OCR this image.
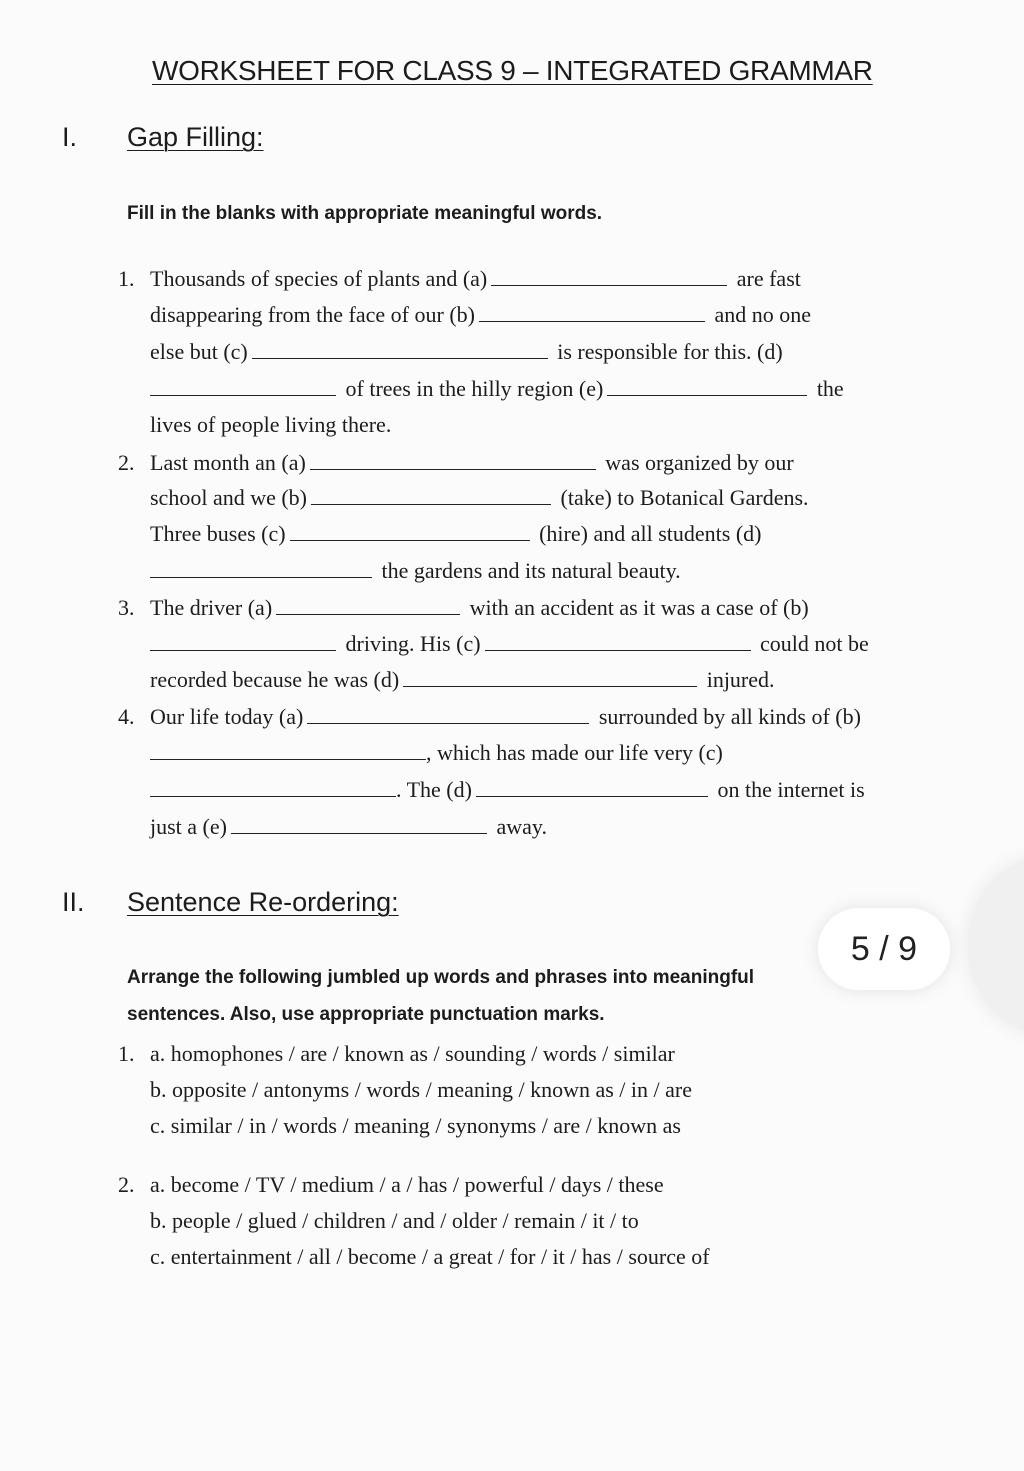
WORKSHEET FOR CLASS 9 – INTEGRATED GRAMMAR
I. Gap Filling:
Fill in the blanks with appropriate meaningful words.
1. Thousands of species of plants and (a)	are fast
disappearing from the face of our (b)	and no one
else but (c)	is responsible for this. (d)
of trees in the hilly region (e)	the
lives of people living there.
2. Last month an (a)	was organized by our
school and we (b)	(take) to Botanical Gardens.
Three buses (c)	(hire) and all students (d)
the gardens and its natural beauty.
3. The driver (a)	with an accident as it was a case of (b)
driving. His (c)	could not be
recorded because he was (d)	injured.
4. Our life today (a)	surrounded by all kinds of (b)
, which has made our life very (c)
. The (d)	on the internet is
just a (e)	away.
II. Sentence Re-ordering:
Arrange the following jumbled up words and phrases into meaningful
sentences. Also, use appropriate punctuation marks.
1. a. homophones / are / known as / sounding / words / similar
b. opposite / antonyms / words / meaning / known as / in / are
c. similar / in / words / meaning / synonyms / are / known as
2. a. become / TV / medium / a / has / powerful / days / these
b. people / glued / children / and / older / remain / it / to
c. entertainment / all / become / a great / for / it / has / source of
5 / 9
